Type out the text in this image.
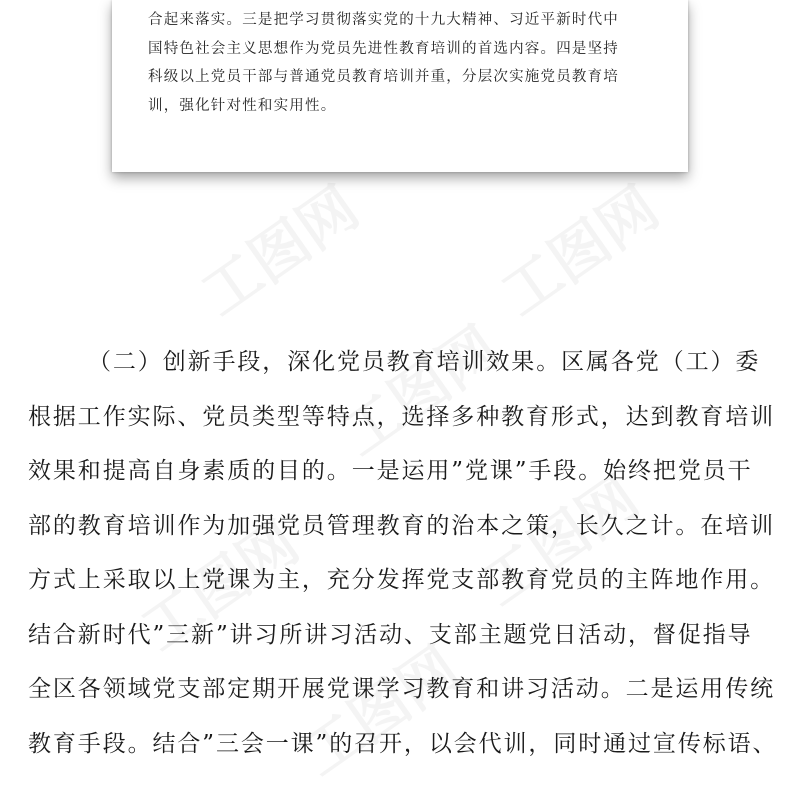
合起来落实。三是把学习贯彻落实党的十九大精神、习近平新时代中
国特色社会主义思想作为党员先进性教育培训的首选内容。四是坚持
科级以上党员干部与普通党员教育培训并重，分层次实施党员教育培
训，强化针对性和实用性。
（二）创新手段，深化党员教育培训效果。区属各党（工）委
根据工作实际、党员类型等特点，选择多种教育形式，达到教育培训
效果和提高自身素质的目的。一是运用”党课”手段。始终把党员干
部的教育培训作为加强党员管理教育的治本之策，长久之计。在培训
方式上采取以上党课为主，充分发挥党支部教育党员的主阵地作用。
结合新时代”三新”讲习所讲习活动、支部主题党日活动，督促指导
全区各领域党支部定期开展党课学习教育和讲习活动。二是运用传统
教育手段。结合”三会一课”的召开，以会代训，同时通过宣传标语、
